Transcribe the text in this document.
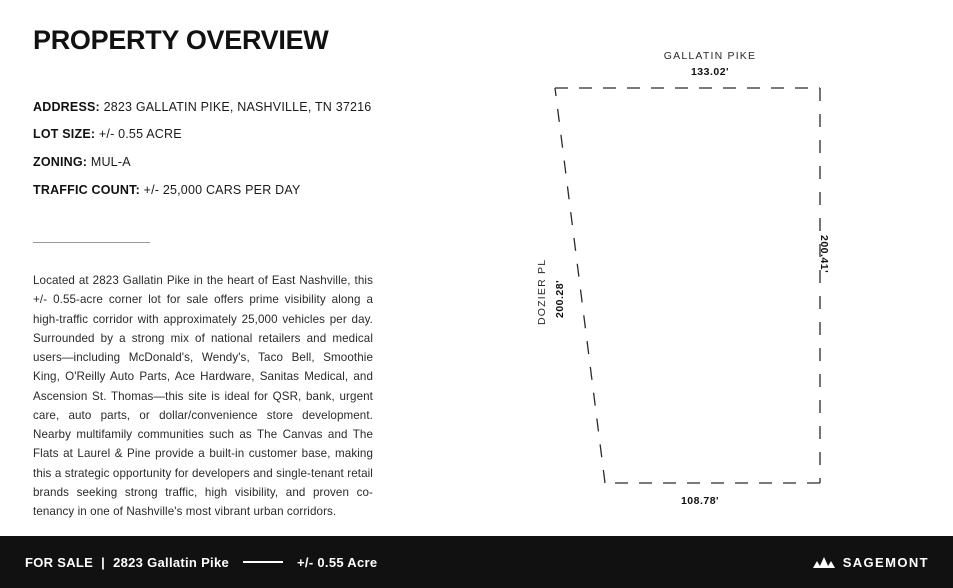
PROPERTY OVERVIEW
ADDRESS: 2823 GALLATIN PIKE, NASHVILLE, TN 37216
LOT SIZE: +/- 0.55 ACRE
ZONING: MUL-A
TRAFFIC COUNT: +/- 25,000 CARS PER DAY

Located at 2823 Gallatin Pike in the heart of East Nashville, this +/- 0.55-acre corner lot for sale offers prime visibility along a high-traffic corridor with approximately 25,000 vehicles per day. Surrounded by a strong mix of national retailers and medical users—including McDonald's, Wendy's, Taco Bell, Smoothie King, O'Reilly Auto Parts, Ace Hardware, Sanitas Medical, and Ascension St. Thomas—this site is ideal for QSR, bank, urgent care, auto parts, or dollar/convenience store development. Nearby multifamily communities such as The Canvas and The Flats at Laurel & Pine provide a built-in customer base, making this a strategic opportunity for developers and single-tenant retail brands seeking strong traffic, high visibility, and proven co-tenancy in one of Nashville's most vibrant urban corridors.

GALLATIN PIKE
133.02'
DOZIER PL 200.28'
200.41'
108.78'
FOR SALE | 2823 Gallatin Pike	+/- 0.55 Acre	SAGEMONT
